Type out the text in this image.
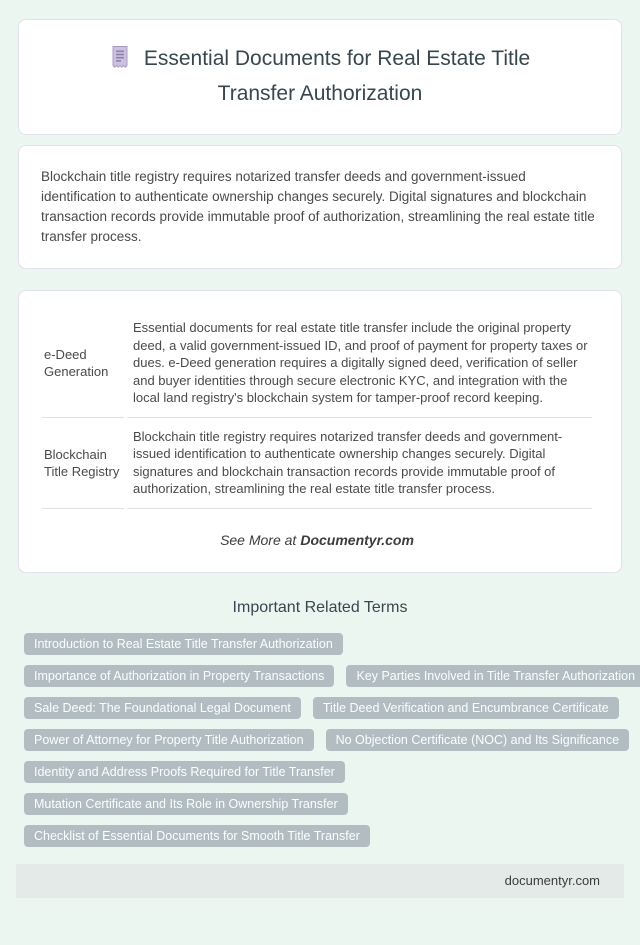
Essential Documents for Real Estate Title Transfer Authorization
Blockchain title registry requires notarized transfer deeds and government-issued identification to authenticate ownership changes securely. Digital signatures and blockchain transaction records provide immutable proof of authorization, streamlining the real estate title transfer process.
e-Deed Generation	Essential documents for real estate title transfer include the original property deed, a valid government-issued ID, and proof of payment for property taxes or dues. e-Deed generation requires a digitally signed deed, verification of seller and buyer identities through secure electronic KYC, and integration with the local land registry's blockchain system for tamper-proof record keeping.
Blockchain Title Registry	Blockchain title registry requires notarized transfer deeds and government-issued identification to authenticate ownership changes securely. Digital signatures and blockchain transaction records provide immutable proof of authorization, streamlining the real estate title transfer process.
See More at Documentyr.com
Important Related Terms
Introduction to Real Estate Title Transfer Authorization
Importance of Authorization in Property Transactions	Key Parties Involved in Title Transfer Authorization
Sale Deed: The Foundational Legal Document	Title Deed Verification and Encumbrance Certificate
Power of Attorney for Property Title Authorization	No Objection Certificate (NOC) and Its Significance
Identity and Address Proofs Required for Title Transfer
Mutation Certificate and Its Role in Ownership Transfer
Checklist of Essential Documents for Smooth Title Transfer
documentyr.com
